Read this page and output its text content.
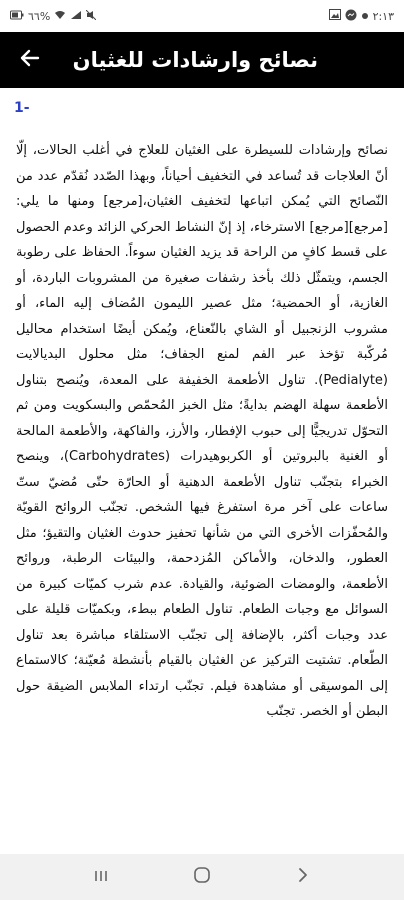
٦٦%	٢:١٣
نصائح وارشادات للغثيان
1-
نصائح وإرشادات للسيطرة على الغثيان للعلاج في أغلب الحالات، إلّا أنّ العلاجات قد تُساعد في التخفيف أحياناً، وبهذا الصّدد نُقدّم عدد من النّصائح التي يُمكن اتباعها لتخفيف الغثيان،[مرجع] ومنها ما يلي:[مرجع][مرجع] الاسترخاء، إذ إنّ النشاط الحركي الزائد وعدم الحصول على قسط كافٍ من الراحة قد يزيد الغثيان سوءاً. الحفاظ على رطوبة الجسم، ويتمثّل ذلك بأخذ رشفات صغيرة من المشروبات الباردة، أو الغازية، أو الحمضية؛ مثل عصير الليمون المُضاف إليه الماء، أو مشروب الزنجبيل أو الشاي بالنّعناع، ويُمكن أيضًا استخدام محاليل مُركّبة تؤخذ عبر الفم لمنع الجفاف؛ مثل محلول البديالايت (Pedialyte). تناول الأطعمة الخفيفة على المعدة، ويُنصح بتناول الأطعمة سهلة الهضم بدايةً؛ مثل الخبز المُحمّص والبسكويت ومن ثم التحوّل تدريجيًّا إلى حبوب الإفطار، والأرز، والفاكهة، والأطعمة المالحة أو الغنية بالبروتين أو الكربوهيدرات (Carbohydrates)، وينصح الخبراء بتجنّب تناول الأطعمة الدهنية أو الحارّة حتّى مُضيّ ستّ ساعات على آخر مرة استفرغ فيها الشخص. تجنّب الروائح القويّة والمُحفّزات الأخرى التي من شأنها تحفيز حدوث الغثيان والتقيؤ؛ مثل العطور، والدخان، والأماكن المُزدحمة، والبيئات الرطبة، وروائح الأطعمة، والومضات الضوئية، والقيادة. عدم شرب كميّات كبيرة من السوائل مع وجبات الطعام. تناول الطعام ببطء، وبكميّات قليلة على عدد وجبات أكثر، بالإضافة إلى تجنّب الاستلقاء مباشرة بعد تناول الطّعام. تشتيت التركيز عن الغثيان بالقيام بأنشطة مُعيّنة؛ كالاستماع إلى الموسيقى أو مشاهدة فيلم. تجنّب ارتداء الملابس الضيقة حول البطن أو الخصر. تجنّب
